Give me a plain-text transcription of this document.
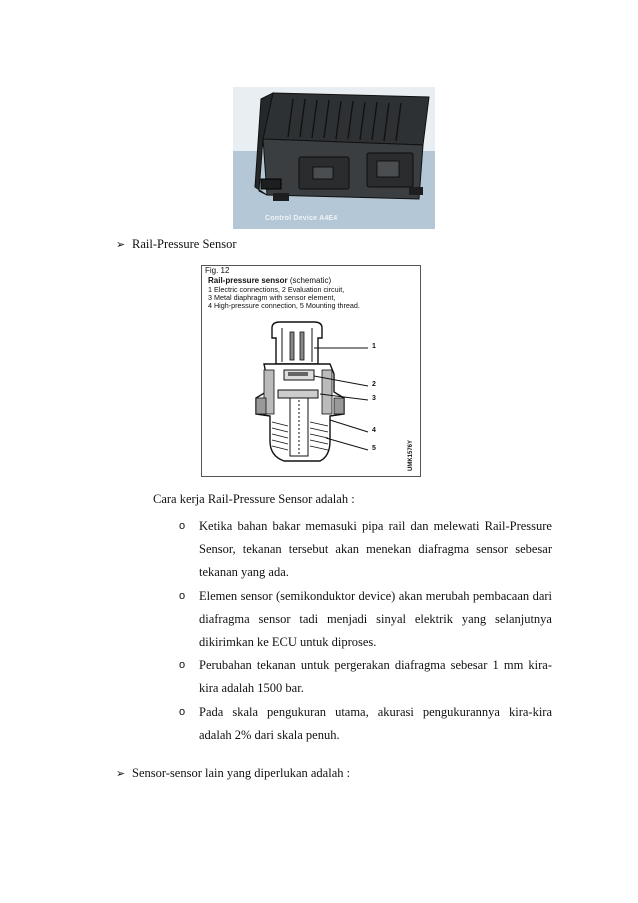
Control Device A4E4
➢ Rail-Pressure Sensor
Fig. 12
Rail-pressure sensor (schematic)
1 Electric connections, 2 Evaluation circuit,
3 Metal diaphragm with sensor element,
4 High-pressure connection, 5 Mounting thread.
1
2
3
4
5	UMK1576Y
Cara kerja Rail-Pressure Sensor adalah :
o Ketika bahan bakar memasuki pipa rail dan melewati Rail-Pressure Sensor, tekanan tersebut akan menekan diafragma sensor sebesar tekanan yang ada.
o Elemen sensor (semikonduktor device) akan merubah pembacaan dari diafragma sensor tadi menjadi sinyal elektrik yang selanjutnya dikirimkan ke ECU untuk diproses.
o Perubahan tekanan untuk pergerakan diafragma sebesar 1 mm kira-kira adalah 1500 bar.
o Pada skala pengukuran utama, akurasi pengukurannya kira-kira adalah 2% dari skala penuh.
➢ Sensor-sensor lain yang diperlukan adalah :
